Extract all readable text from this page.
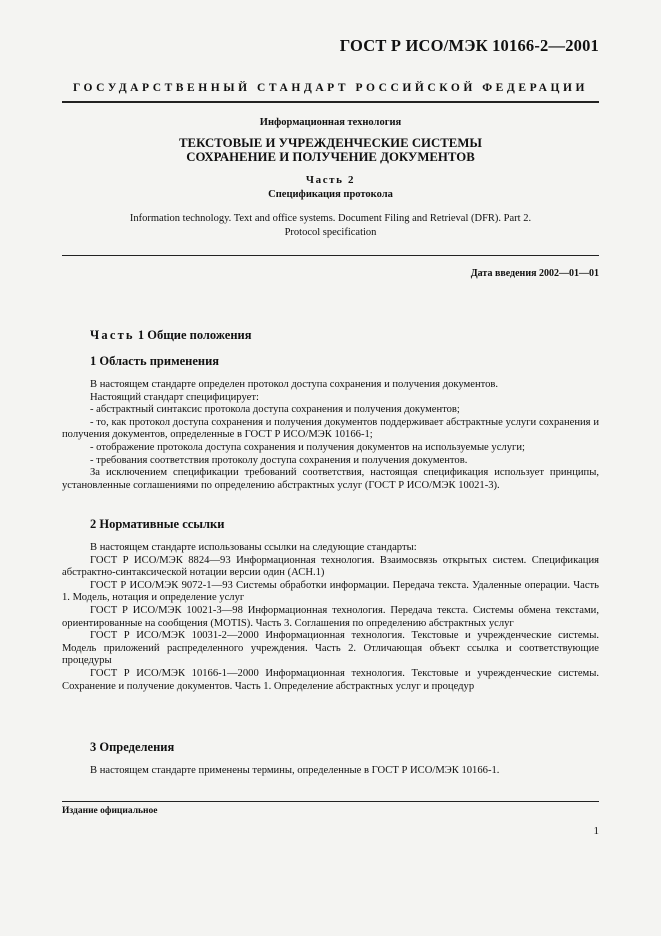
ГОСТ Р ИСО/МЭК 10166-2—2001
ГОСУДАРСТВЕННЫЙ СТАНДАРТ РОССИЙСКОЙ ФЕДЕРАЦИИ
Информационная технология
ТЕКСТОВЫЕ И УЧРЕЖДЕНЧЕСКИЕ СИСТЕМЫ
СОХРАНЕНИЕ И ПОЛУЧЕНИЕ ДОКУМЕНТОВ
Часть 2
Спецификация протокола
Information technology. Text and office systems. Document Filing and Retrieval (DFR). Part 2.
Protocol specification
Дата введения 2002—01—01
Часть 1 Общие положения
1 Область применения

В настоящем стандарте определен протокол доступа сохранения и получения документов.

Настоящий стандарт специфицирует:

- абстрактный синтаксис протокола доступа сохранения и получения документов;

- то, как протокол доступа сохранения и получения документов поддерживает абстрактные услуги сохранения и получения документов, определенные в ГОСТ Р ИСО/МЭК 10166-1;

- отображение протокола доступа сохранения и получения документов на используемые услуги;

- требования соответствия протоколу доступа сохранения и получения документов.

За исключением спецификации требований соответствия, настоящая спецификация использует принципы, установленные соглашениями по определению абстрактных услуг (ГОСТ Р ИСО/МЭК 10021-3).

2 Нормативные ссылки

В настоящем стандарте использованы ссылки на следующие стандарты:

ГОСТ Р ИСО/МЭК 8824—93 Информационная технология. Взаимосвязь открытых систем. Спецификация абстрактно-синтаксической нотации версии один (АСН.1)

ГОСТ Р ИСО/МЭК 9072-1—93 Системы обработки информации. Передача текста. Удаленные операции. Часть 1. Модель, нотация и определение услуг

ГОСТ Р ИСО/МЭК 10021-3—98 Информационная технология. Передача текста. Системы обмена текстами, ориентированные на сообщения (MOTIS). Часть 3. Соглашения по определению абстрактных услуг

ГОСТ Р ИСО/МЭК 10031-2—2000 Информационная технология. Текстовые и учрежденческие системы. Модель приложений распределенного учреждения. Часть 2. Отличающая объект ссылка и соответствующие процедуры

ГОСТ Р ИСО/МЭК 10166-1—2000 Информационная технология. Текстовые и учрежденческие системы. Сохранение и получение документов. Часть 1. Определение абстрактных услуг и процедур

3 Определения

В настоящем стандарте применены термины, определенные в ГОСТ Р ИСО/МЭК 10166-1.

Издание официальное
1
